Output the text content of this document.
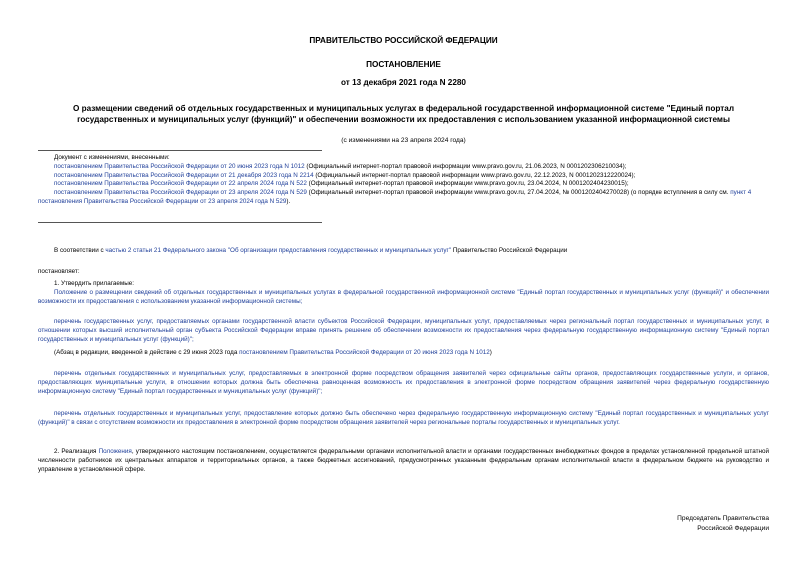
ПРАВИТЕЛЬСТВО РОССИЙСКОЙ ФЕДЕРАЦИИ
ПОСТАНОВЛЕНИЕ
от 13 декабря 2021 года N 2280
О размещении сведений об отдельных государственных и муниципальных услугах в федеральной государственной информационной системе "Единый портал государственных и муниципальных услуг (функций)" и обеспечении возможности их предоставления с использованием указанной информационной системы
(с изменениями на 23 апреля 2024 года)

Документ с изменениями, внесенными:

постановлением Правительства Российской Федерации от 20 июня 2023 года N 1012 (Официальный интернет-портал правовой информации www.pravo.gov.ru, 21.06.2023, N 0001202306210034);

постановлением Правительства Российской Федерации от 21 декабря 2023 года N 2214 (Официальный интернет-портал правовой информации www.pravo.gov.ru, 22.12.2023, N 0001202312220024);

постановлением Правительства Российской Федерации от 22 апреля 2024 года N 522 (Официальный интернет-портал правовой информации www.pravo.gov.ru, 23.04.2024, N 0001202404230015);

постановлением Правительства Российской Федерации от 23 апреля 2024 года N 529 (Официальный интернет-портал правовой информации www.pravo.gov.ru, 27.04.2024, № 0001202404270028) (о порядке вступления в силу см. пункт 4 постановления Правительства Российской Федерации от 23 апреля 2024 года N 529).

В соответствии с частью 2 статьи 21 Федерального закона "Об организации предоставления государственных и муниципальных услуг" Правительство Российской Федерации

постановляет:

1. Утвердить прилагаемые:

Положение о размещении сведений об отдельных государственных и муниципальных услугах в федеральной государственной информационной системе "Единый портал государственных и муниципальных услуг (функций)" и обеспечении возможности их предоставления с использованием указанной информационной системы;

перечень государственных услуг, предоставляемых органами государственной власти субъектов Российской Федерации, муниципальных услуг, предоставляемых через региональный портал государственных и муниципальных услуг, в отношении которых высший исполнительный орган субъекта Российской Федерации вправе принять решение об обеспечении возможности их предоставления через федеральную государственную информационную систему "Единый портал государственных и муниципальных услуг (функций)";

(Абзац в редакции, введенной в действие с 29 июня 2023 года постановлением Правительства Российской Федерации от 20 июня 2023 года N 1012)

перечень отдельных государственных и муниципальных услуг, предоставляемых в электронной форме посредством обращения заявителей через официальные сайты органов, предоставляющих государственные услуги, и органов, предоставляющих муниципальные услуги, в отношении которых должна быть обеспечена равноценная возможность их предоставления в электронной форме посредством обращения заявителей через федеральную государственную информационную систему "Единый портал государственных и муниципальных услуг (функций)";

перечень отдельных государственных и муниципальных услуг, предоставление которых должно быть обеспечено через федеральную государственную информационную систему "Единый портал государственных и муниципальных услуг (функций)" в связи с отсутствием возможности их предоставления в электронной форме посредством обращения заявителей через региональные порталы государственных и муниципальных услуг.

2. Реализация Положения, утвержденного настоящим постановлением, осуществляется федеральными органами исполнительной власти и органами государственных внебюджетных фондов в пределах установленной предельной штатной численности работников их центральных аппаратов и территориальных органов, а также бюджетных ассигнований, предусмотренных указанным федеральным органам исполнительной власти в федеральном бюджете на руководство и управление в установленной сфере.

Председатель Правительства
Российской Федерации
